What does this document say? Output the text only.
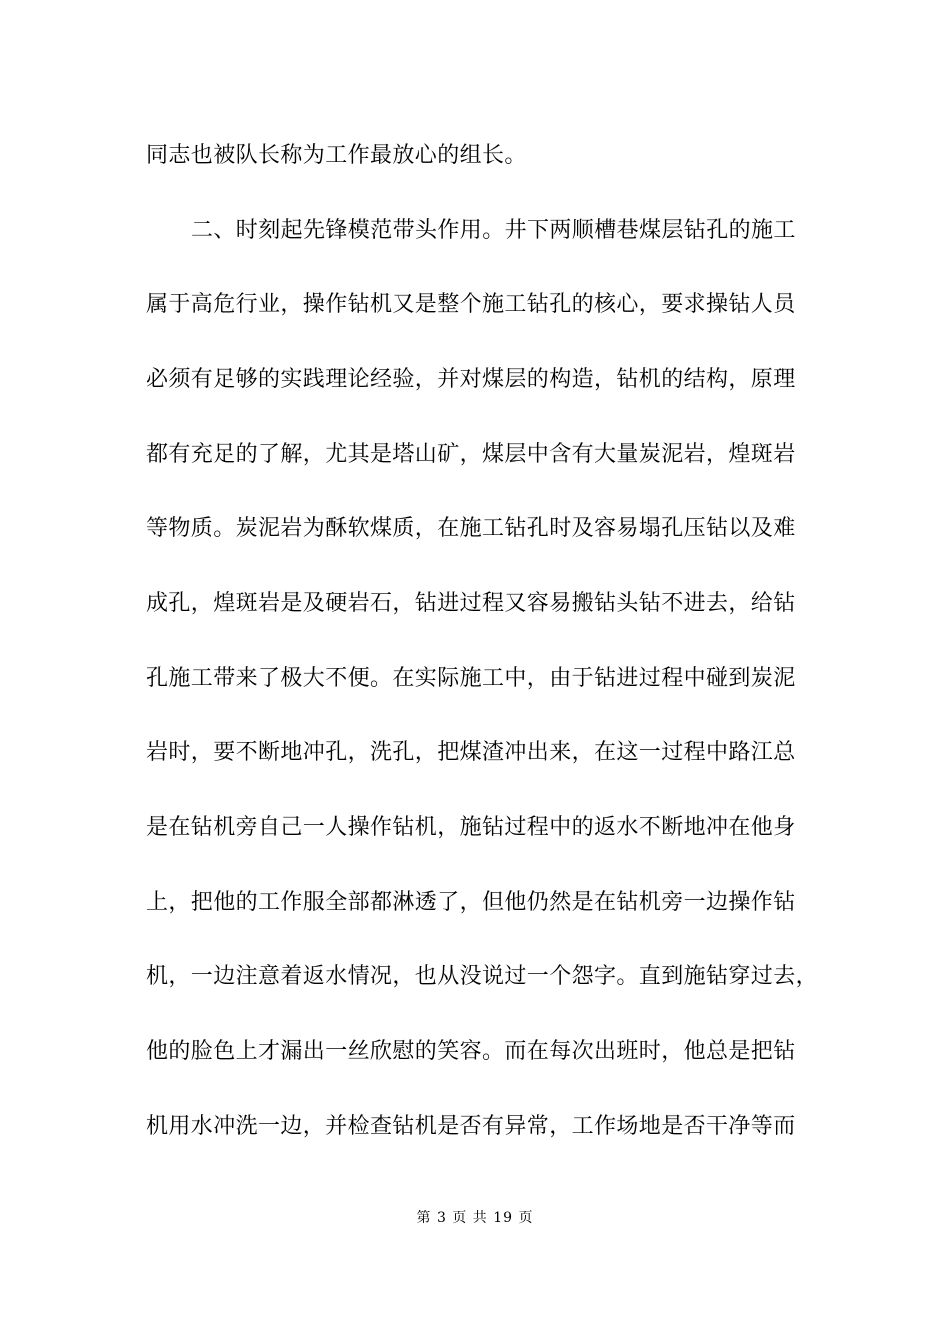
同志也被队长称为工作最放心的组长。
二、时刻起先锋模范带头作用。井下两顺槽巷煤层钻孔的施工
属于高危行业，操作钻机又是整个施工钻孔的核心，要求操钻人员
必须有足够的实践理论经验，并对煤层的构造，钻机的结构，原理
都有充足的了解，尤其是塔山矿，煤层中含有大量炭泥岩，煌斑岩
等物质。炭泥岩为酥软煤质，在施工钻孔时及容易塌孔压钻以及难
成孔，煌斑岩是及硬岩石，钻进过程又容易搬钻头钻不进去，给钻
孔施工带来了极大不便。在实际施工中，由于钻进过程中碰到炭泥
岩时，要不断地冲孔，洗孔，把煤渣冲出来，在这一过程中路江总
是在钻机旁自己一人操作钻机，施钻过程中的返水不断地冲在他身
上，把他的工作服全部都淋透了，但他仍然是在钻机旁一边操作钻
机，一边注意着返水情况，也从没说过一个怨字。直到施钻穿过去，
他的脸色上才漏出一丝欣慰的笑容。而在每次出班时，他总是把钻
机用水冲洗一边，并检查钻机是否有异常，工作场地是否干净等而
第 3 页 共 19 页
